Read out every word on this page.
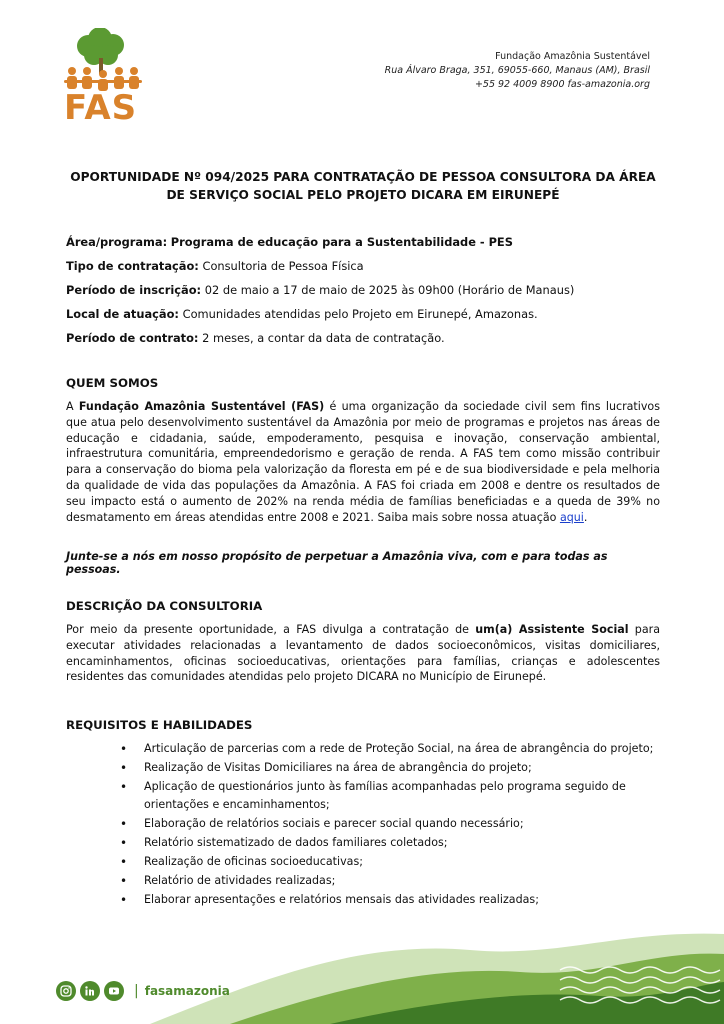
FAS
Fundação Amazônia Sustentável
Rua Álvaro Braga, 351, 69055-660, Manaus (AM), Brasil
+55 92 4009 8900 fas-amazonia.org
OPORTUNIDADE Nº 094/2025 PARA CONTRATAÇÃO DE PESSOA CONSULTORA DA ÁREA DE SERVIÇO SOCIAL PELO PROJETO DICARA EM EIRUNEPÉ
Área/programa: Programa de educação para a Sustentabilidade - PES
Tipo de contratação: Consultoria de Pessoa Física
Período de inscrição: 02 de maio a 17 de maio de 2025 às 09h00 (Horário de Manaus)
Local de atuação: Comunidades atendidas pelo Projeto em Eirunepé, Amazonas.
Período de contrato: 2 meses, a contar da data de contratação.
QUEM SOMOS
A Fundação Amazônia Sustentável (FAS) é uma organização da sociedade civil sem fins lucrativos que atua pelo desenvolvimento sustentável da Amazônia por meio de programas e projetos nas áreas de educação e cidadania, saúde, empoderamento, pesquisa e inovação, conservação ambiental, infraestrutura comunitária, empreendedorismo e geração de renda. A FAS tem como missão contribuir para a conservação do bioma pela valorização da floresta em pé e de sua biodiversidade e pela melhoria da qualidade de vida das populações da Amazônia. A FAS foi criada em 2008 e dentre os resultados de seu impacto está o aumento de 202% na renda média de famílias beneficiadas e a queda de 39% no desmatamento em áreas atendidas entre 2008 e 2021. Saiba mais sobre nossa atuação aqui.
Junte-se a nós em nosso propósito de perpetuar a Amazônia viva, com e para todas as pessoas.
DESCRIÇÃO DA CONSULTORIA
Por meio da presente oportunidade, a FAS divulga a contratação de um(a) Assistente Social para executar atividades relacionadas a levantamento de dados socioeconômicos, visitas domiciliares, encaminhamentos, oficinas socioeducativas, orientações para famílias, crianças e adolescentes residentes das comunidades atendidas pelo projeto DICARA no Município de Eirunepé.
REQUISITOS E HABILIDADES
• Articulação de parcerias com a rede de Proteção Social, na área de abrangência do projeto;
• Realização de Visitas Domiciliares na área de abrangência do projeto;
• Aplicação de questionários junto às famílias acompanhadas pelo programa seguido de orientações e encaminhamentos;
• Elaboração de relatórios sociais e parecer social quando necessário;
• Relatório sistematizado de dados familiares coletados;
• Realização de oficinas socioeducativas;
• Relatório de atividades realizadas;
• Elaborar apresentações e relatórios mensais das atividades realizadas;
| fasamazonia
